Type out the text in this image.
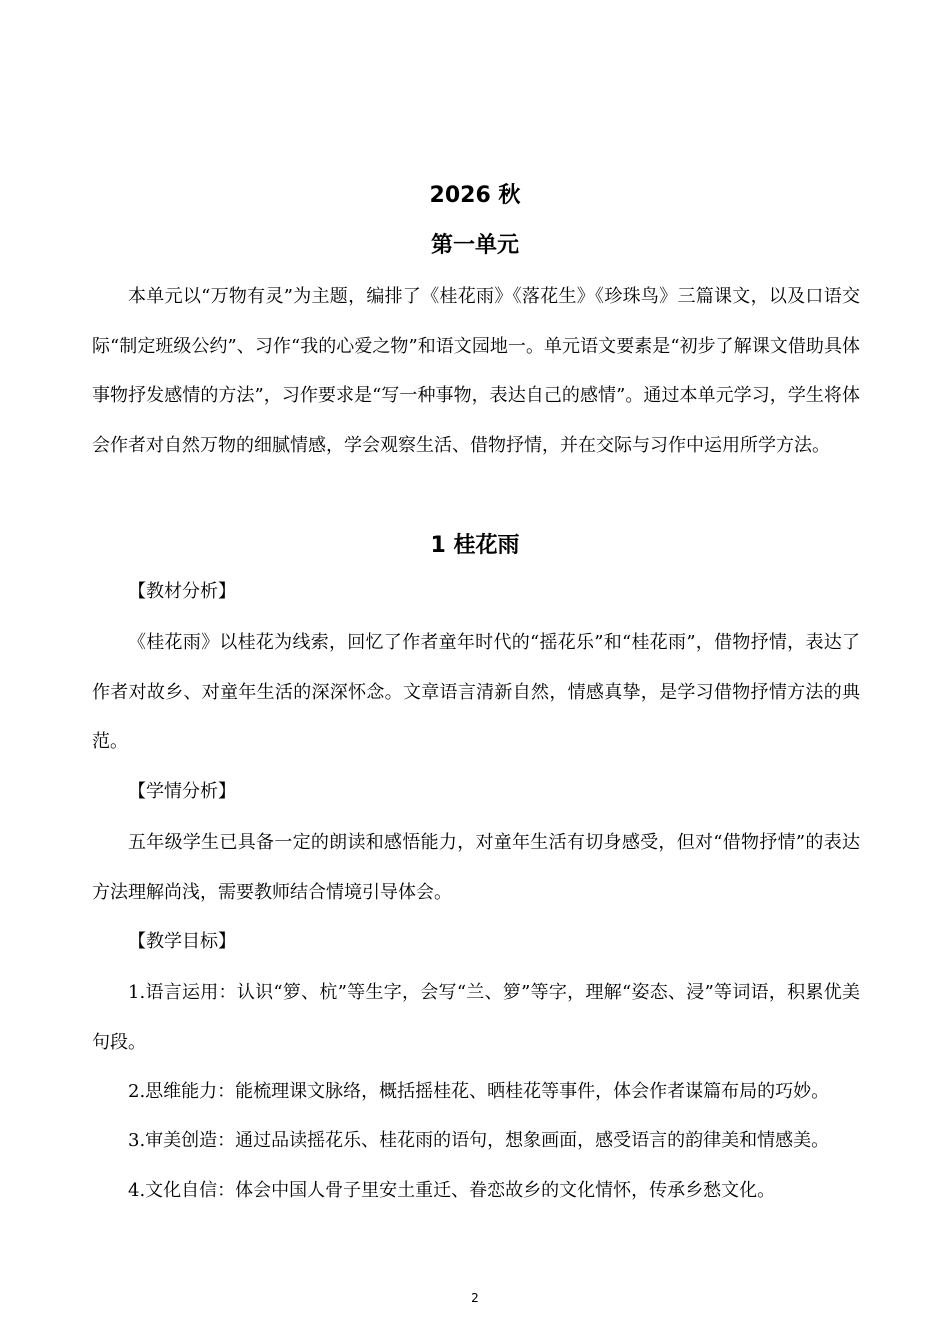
2026 秋
第一单元

本单元以“万物有灵”为主题，编排了《桂花雨》《落花生》《珍珠鸟》三篇课文，以及口语交际“制定班级公约”、习作“我的心爱之物”和语文园地一。单元语文要素是“初步了解课文借助具体事物抒发感情的方法”，习作要求是“写一种事物，表达自己的感情”。通过本单元学习，学生将体会作者对自然万物的细腻情感，学会观察生活、借物抒情，并在交际与习作中运用所学方法。

1 桂花雨
【教材分析】

《桂花雨》以桂花为线索，回忆了作者童年时代的“摇花乐”和“桂花雨”，借物抒情，表达了作者对故乡、对童年生活的深深怀念。文章语言清新自然，情感真挚，是学习借物抒情方法的典范。

【学情分析】

五年级学生已具备一定的朗读和感悟能力，对童年生活有切身感受，但对“借物抒情”的表达方法理解尚浅，需要教师结合情境引导体会。

【教学目标】

1.语言运用：认识“箩、杭”等生字，会写“兰、箩”等字，理解“姿态、浸”等词语，积累优美句段。

2.思维能力：能梳理课文脉络，概括摇桂花、晒桂花等事件，体会作者谋篇布局的巧妙。

3.审美创造：通过品读摇花乐、桂花雨的语句，想象画面，感受语言的韵律美和情感美。

4.文化自信：体会中国人骨子里安土重迁、眷恋故乡的文化情怀，传承乡愁文化。

2
